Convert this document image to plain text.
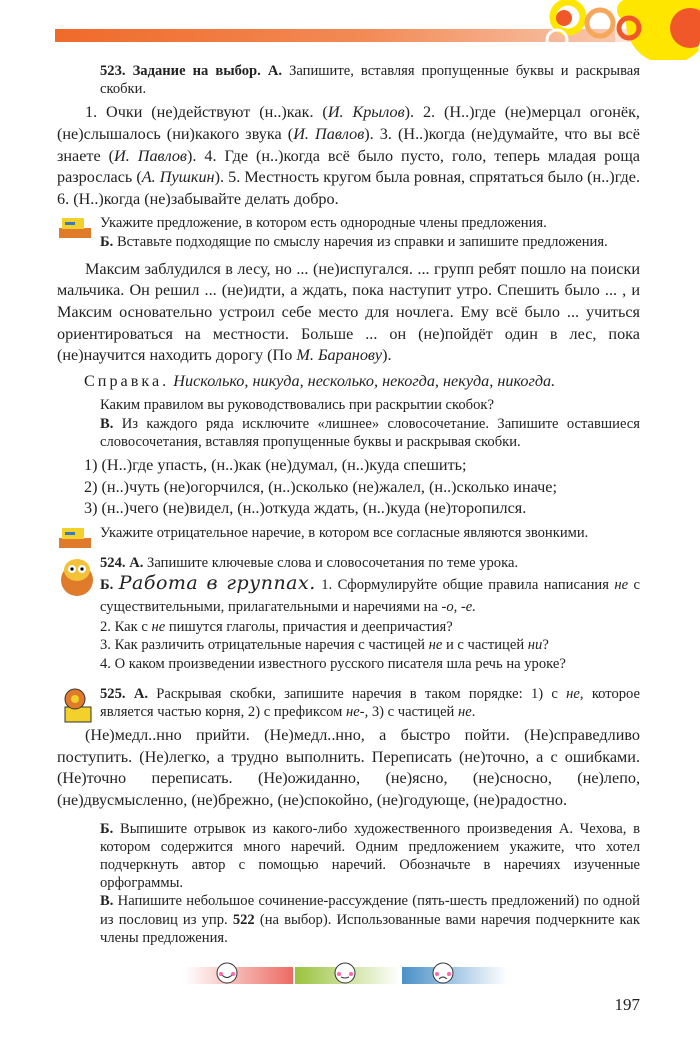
523. Задание на выбор. А. Запишите, вставляя пропущенные буквы и раскрывая скобки.
1. Очки (не)действуют (н..)как. (И. Крылов). 2. (Н..)где (не)мерцал огонёк, (не)слышалось (ни)какого звука (И. Павлов). 3. (Н..)когда (не)думайте, что вы всё знаете (И. Павлов). 4. Где (н..)когда всё было пусто, голо, теперь младая роща разрослась (А. Пушкин). 5. Местность кругом была ровная, спрятаться было (н..)где. 6. (Н..)когда (не)забывайте делать добро.
Укажите предложение, в котором есть однородные члены предложения.
Б. Вставьте подходящие по смыслу наречия из справки и запишите предложения.
Максим заблудился в лесу, но ... (не)испугался. ... групп ребят пошло на поиски мальчика. Он решил ... (не)идти, а ждать, пока наступит утро. Спешить было ... , и Максим основательно устроил себе место для ночлега. Ему всё было ... учиться ориентироваться на местности. Больше ... он (не)пойдёт один в лес, пока (не)научится находить дорогу (По М. Баранову).
Справка. Нисколько, никуда, несколько, некогда, некуда, никогда.
Каким правилом вы руководствовались при раскрытии скобок?
В. Из каждого ряда исключите «лишнее» словосочетание. Запишите оставшиеся словосочетания, вставляя пропущенные буквы и раскрывая скобки.
1) (Н..)где упасть, (н..)как (не)думал, (н..)куда спешить;
2) (н..)чуть (не)огорчился, (н..)сколько (не)жалел, (н..)сколько иначе;
3) (н..)чего (не)видел, (н..)откуда ждать, (н..)куда (не)торопился.
Укажите отрицательное наречие, в котором все согласные являются звонкими.
524. А. Запишите ключевые слова и словосочетания по теме урока.
Б. Работа в группах. 1. Сформулируйте общие правила написания не с существительными, прилагательными и наречиями на -о, -е.
2. Как с не пишутся глаголы, причастия и деепричастия?
3. Как различить отрицательные наречия с частицей не и с частицей ни?
4. О каком произведении известного русского писателя шла речь на уроке?
525. А. Раскрывая скобки, запишите наречия в таком порядке: 1) с не, которое является частью корня, 2) с префиксом не-, 3) с частицей не.
(Не)медл..нно прийти. (Не)медл..нно, а быстро пойти. (Не)справедливо поступить. (Не)легко, а трудно выполнить. Переписать (не)точно, а с ошибками. (Не)точно переписать. (Не)ожиданно, (не)ясно, (не)сносно, (не)лепо, (не)двусмысленно, (не)брежно, (не)спокойно, (не)годующе, (не)радостно.
Б. Выпишите отрывок из какого-либо художественного произведения А. Чехова, в котором содержится много наречий. Одним предложением укажите, что хотел подчеркнуть автор с помощью наречий. Обозначьте в наречиях изученные орфограммы.
В. Напишите небольшое сочинение-рассуждение (пять-шесть предложений) по одной из пословиц из упр. 522 (на выбор). Использованные вами наречия подчеркните как члены предложения.
197
